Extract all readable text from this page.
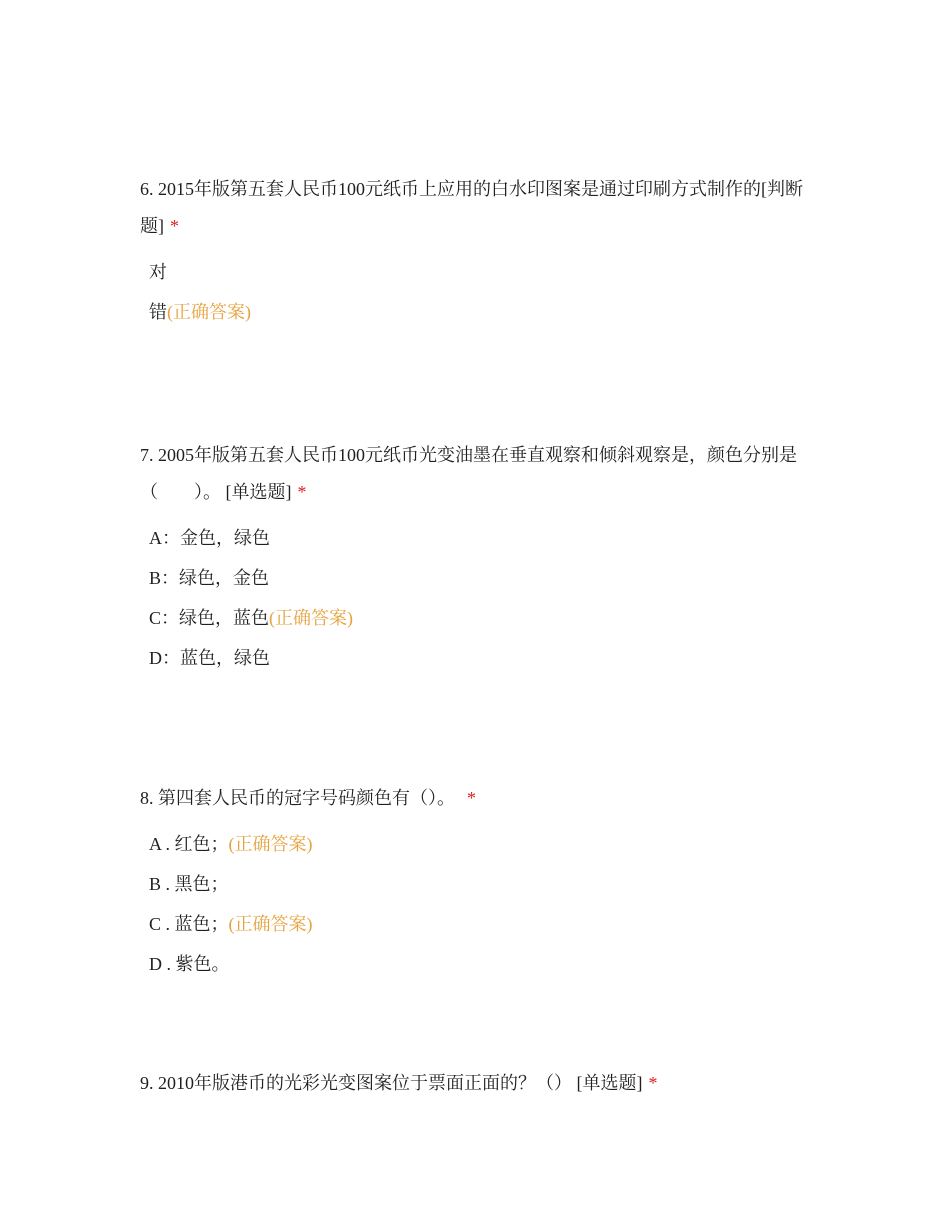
6. 2015年版第五套人民币100元纸币上应用的白水印图案是通过印刷方式制作的[判断题] *

对
错(正确答案)

7. 2005年版第五套人民币100元纸币光变油墨在垂直观察和倾斜观察是，颜色分别是（　　）。 [单选题] *

A：金色，绿色
B：绿色，金色
C：绿色，蓝色(正确答案)
D：蓝色，绿色

8. 第四套人民币的冠字号码颜色有（）。 *

A . 红色；(正确答案)
B . 黑色；
C . 蓝色；(正确答案)
D . 紫色。

9. 2010年版港币的光彩光变图案位于票面正面的？（） [单选题] *
